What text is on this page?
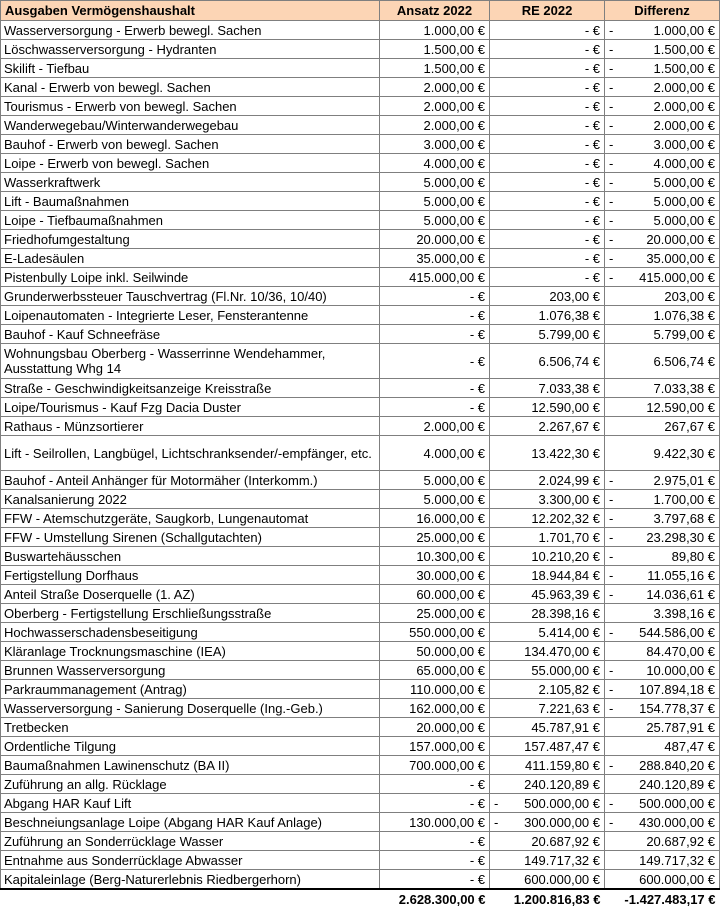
Ausgaben Vermögenshaushalt	Ansatz 2022	RE 2022	Differenz
Wasserversorgung - Erwerb bewegl. Sachen	1.000,00 €	- €	- 1.000,00 €

Löschwasserversorgung - Hydranten	1.500,00 €	- €	- 1.500,00 €

Skilift - Tiefbau	1.500,00 €	- €	- 1.500,00 €

Kanal - Erwerb von bewegl. Sachen	2.000,00 €	- €	- 2.000,00 €

Tourismus - Erwerb von bewegl. Sachen	2.000,00 €	- €	- 2.000,00 €

Wanderwegebau/Winterwanderwegebau	2.000,00 €	- €	- 2.000,00 €

Bauhof - Erwerb von bewegl. Sachen	3.000,00 €	- €	- 3.000,00 €

Loipe - Erwerb von bewegl. Sachen	4.000,00 €	- €	- 4.000,00 €

Wasserkraftwerk	5.000,00 €	- €	- 5.000,00 €

Lift - Baumaßnahmen	5.000,00 €	- €	- 5.000,00 €

Loipe - Tiefbaumaßnahmen	5.000,00 €	- €	- 5.000,00 €

Friedhofumgestaltung	20.000,00 €	- €	- 20.000,00 €

E-Ladesäulen	35.000,00 €	- €	- 35.000,00 €

Pistenbully Loipe inkl. Seilwinde	415.000,00 €	- €	- 415.000,00 €

Grunderwerbssteuer Tauschvertrag (Fl.Nr. 10/36, 10/40)	- €	203,00 €	203,00 €

Loipenautomaten - Integrierte Leser, Fensterantenne	- €	1.076,38 €	1.076,38 €

Bauhof - Kauf Schneefräse	- €	5.799,00 €	5.799,00 €

Wohnungsbau Oberberg - Wasserrinne Wendehammer, Ausstattung Whg 14	- €	6.506,74 €	6.506,74 €

Straße - Geschwindigkeitsanzeige Kreisstraße	- €	7.033,38 €	7.033,38 €

Loipe/Tourismus - Kauf Fzg Dacia Duster	- €	12.590,00 €	12.590,00 €

Rathaus - Münzsortierer	2.000,00 €	2.267,67 €	267,67 €

Lift - Seilrollen, Langbügel, Lichtschranksender/-empfänger, etc.	4.000,00 €	13.422,30 €	9.422,30 €

Bauhof - Anteil Anhänger für Motormäher (Interkomm.)	5.000,00 €	2.024,99 €	- 2.975,01 €

Kanalsanierung 2022	5.000,00 €	3.300,00 €	- 1.700,00 €

FFW - Atemschutzgeräte, Saugkorb, Lungenautomat	16.000,00 €	12.202,32 €	- 3.797,68 €

FFW - Umstellung Sirenen (Schallgutachten)	25.000,00 €	1.701,70 €	- 23.298,30 €

Buswartehäusschen	10.300,00 €	10.210,20 €	- 89,80 €

Fertigstellung Dorfhaus	30.000,00 €	18.944,84 €	- 11.055,16 €

Anteil Straße Doserquelle (1. AZ)	60.000,00 €	45.963,39 €	- 14.036,61 €

Oberberg - Fertigstellung Erschließungsstraße	25.000,00 €	28.398,16 €	3.398,16 €

Hochwasserschadensbeseitigung	550.000,00 €	5.414,00 €	- 544.586,00 €

Kläranlage Trocknungsmaschine (IEA)	50.000,00 €	134.470,00 €	84.470,00 €

Brunnen Wasserversorgung	65.000,00 €	55.000,00 €	- 10.000,00 €

Parkraummanagement (Antrag)	110.000,00 €	2.105,82 €	- 107.894,18 €

Wasserversorgung - Sanierung Doserquelle (Ing.-Geb.)	162.000,00 €	7.221,63 €	- 154.778,37 €

Tretbecken	20.000,00 €	45.787,91 €	25.787,91 €

Ordentliche Tilgung	157.000,00 €	157.487,47 €	487,47 €

Baumaßnahmen Lawinenschutz (BA II)	700.000,00 €	411.159,80 €	- 288.840,20 €

Zuführung an allg. Rücklage	- €	240.120,89 €	240.120,89 €

Abgang HAR Kauf Lift	- €	- 500.000,00 €	- 500.000,00 €

Beschneiungsanlage Loipe (Abgang HAR Kauf Anlage)	130.000,00 €	- 300.000,00 €	- 430.000,00 €

Zuführung an Sonderrücklage Wasser	- €	20.687,92 €	20.687,92 €

Entnahme aus Sonderrücklage Abwasser	- €	149.717,32 €	149.717,32 €

Kapitaleinlage (Berg-Naturerlebnis Riedbergerhorn)	- €	600.000,00 €	600.000,00 €

	2.628.300,00 €	1.200.816,83 €	-1.427.483,17 €
